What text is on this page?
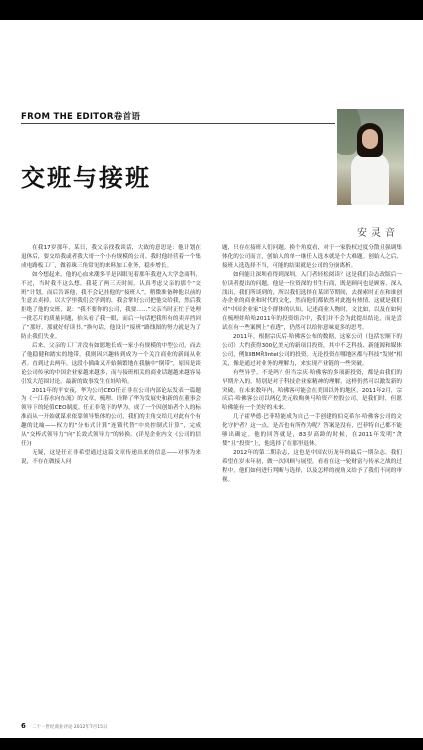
FROM THE EDITOR卷首语
交班与接班
安灵音

在我17岁那年，某日，我父亲找我谈话，大致的意思是：他计划在退休后，要交给我或者我大哥一个小有规模的公司。我时他经营着一个集成电路板工厂，做着珠三角常见的来料加工业务，稳步增长。

如今想起来，他的心血来潮多半是因眼见着那年我进入大学念商科，不过，当时我不这么想。我花了两三天时间，认真考虑父亲的那个“交班”计划，而后告诉他，我不会记挂他的“接班人”，稍微准备种他以前的生意去卖掉。以大学里我们会学到的，我会掌好公司把他交给我，然后我拒绝了他的交班，说：“我不要你的公司，我要……”父亲当时正忙于处理一批芯片的质量问题，抬头看了我一眼，而后一句话把我所有的卖弄挡回了“那好，那就好好读书。”换句话，他设计“接班”路线图的努力就是为了防止我们失业。

后来，父亲的工厂并没有如愿地长成一家小有规模的中型公司，而去了他稳健和踏实的地带，我则因兴趣转到成为一个关注商业的新闻从业者。直到过去两年，这段小插曲又开始频繁地在我脑中“倒带”，原因是谈论公司传承的中国企业家越来越多，而与接班相关的商业话题越来越容易引发大范围讨论。最新的故事发生在娃哈哈。

2011年的平安夜，华为公司CEO任正非在公司内部论坛发表一篇题为《一江春水向东流》的文章，梳理、诠释了华为发展史和新的在董事会领导下的轮值CEO制度。任正非笔下的华为，成了一个因创始者个人的标准而从一开始就谋求依靠领导集体的公司，我们的主角交给几对此有个有趣的比喻——权力的“分布式计算”连锁代替“中央控制式计算”，完成从“交棒式领导力”向“长效式领导力”的转换。(详见企业内文《公司的信任》)

无疑，这是任正非希望通过这篇文章传递出来的信息——对事为来说，不存在做接人问

题，只存在接班人们问题。换个角度看，对于一家股权过度分散且强调集体化的公司而言，创始人的单一继任人选本就是个大难题。创始人之后，接班人选选择不当，可能的结果就是公司的分崩离析。

如何能让深圳看得到深圳，入门者轻松阅读？这是我们杂志改版后一位读者提出的问题，他是一位资深的书生行商，既是顾问也是顾客，深入浅出，我们所谈到的，所以我们选择在某团节期间，去探索时正在和谁创办企业的商业和时代的文化，然而他们都依然对此抱有热情，这就是我们对“中国企业家”这个群体的认知。记述商业人物时，文比如，以及在如何在梳理娃哈哈2011年的投资组合中，我们并不会为此提出结论，而是尝试在有一些案例上“看透”，仍然可以给你意味更多的思考。

2011年，根据宗庆后·哈佛客公布的数据，这家公司（包括宏顺下的公司）大约获得300亿美元的新项目投资，其中不乏科技、新能源和媒体公司，例如IBM和Intel公司的投资。无论投资在哪地区都与科技“发财”相关，像是通过对业务的理解力，来实现产业链的一些突破。

有些异乎，不是吗？但当宗庆·哈佛客的多项新投资，都是由我们的早期介入的，特别是对于科技企业家精神的理解，这样仍然可以激发新的突破。在未来数年内，哈佛客可能会在美国以外的地区，2011年2月，宗庆后·哈佛客公司以两亿美元收购奥马哈资产控股公司，是我们时，但愿哈佛能有一个美好的未来。

几子霍华德·巴菲特能成为自己一手创建的伯克希尔·哈佛客公司的文化守护者？这一点，是否也有所作为呢？答案是没有，巴菲特自己都不能够出确定。他的回答就是，83岁高龄的时候，在2011年发明“贪婪”且“投资”上，他选择了在那里退休。

2012年的第二期杂志，这也是中国农历龙年的最后一期杂志。我们希望在岁末年初，做一次回顾与展望，看看在这一轮财富与传承之战的过程中，他们如何进行判断与选择，以及怎样的视角又给予了我们不同的审视。

6 二十一世纪商业评论 2012年7月15日
